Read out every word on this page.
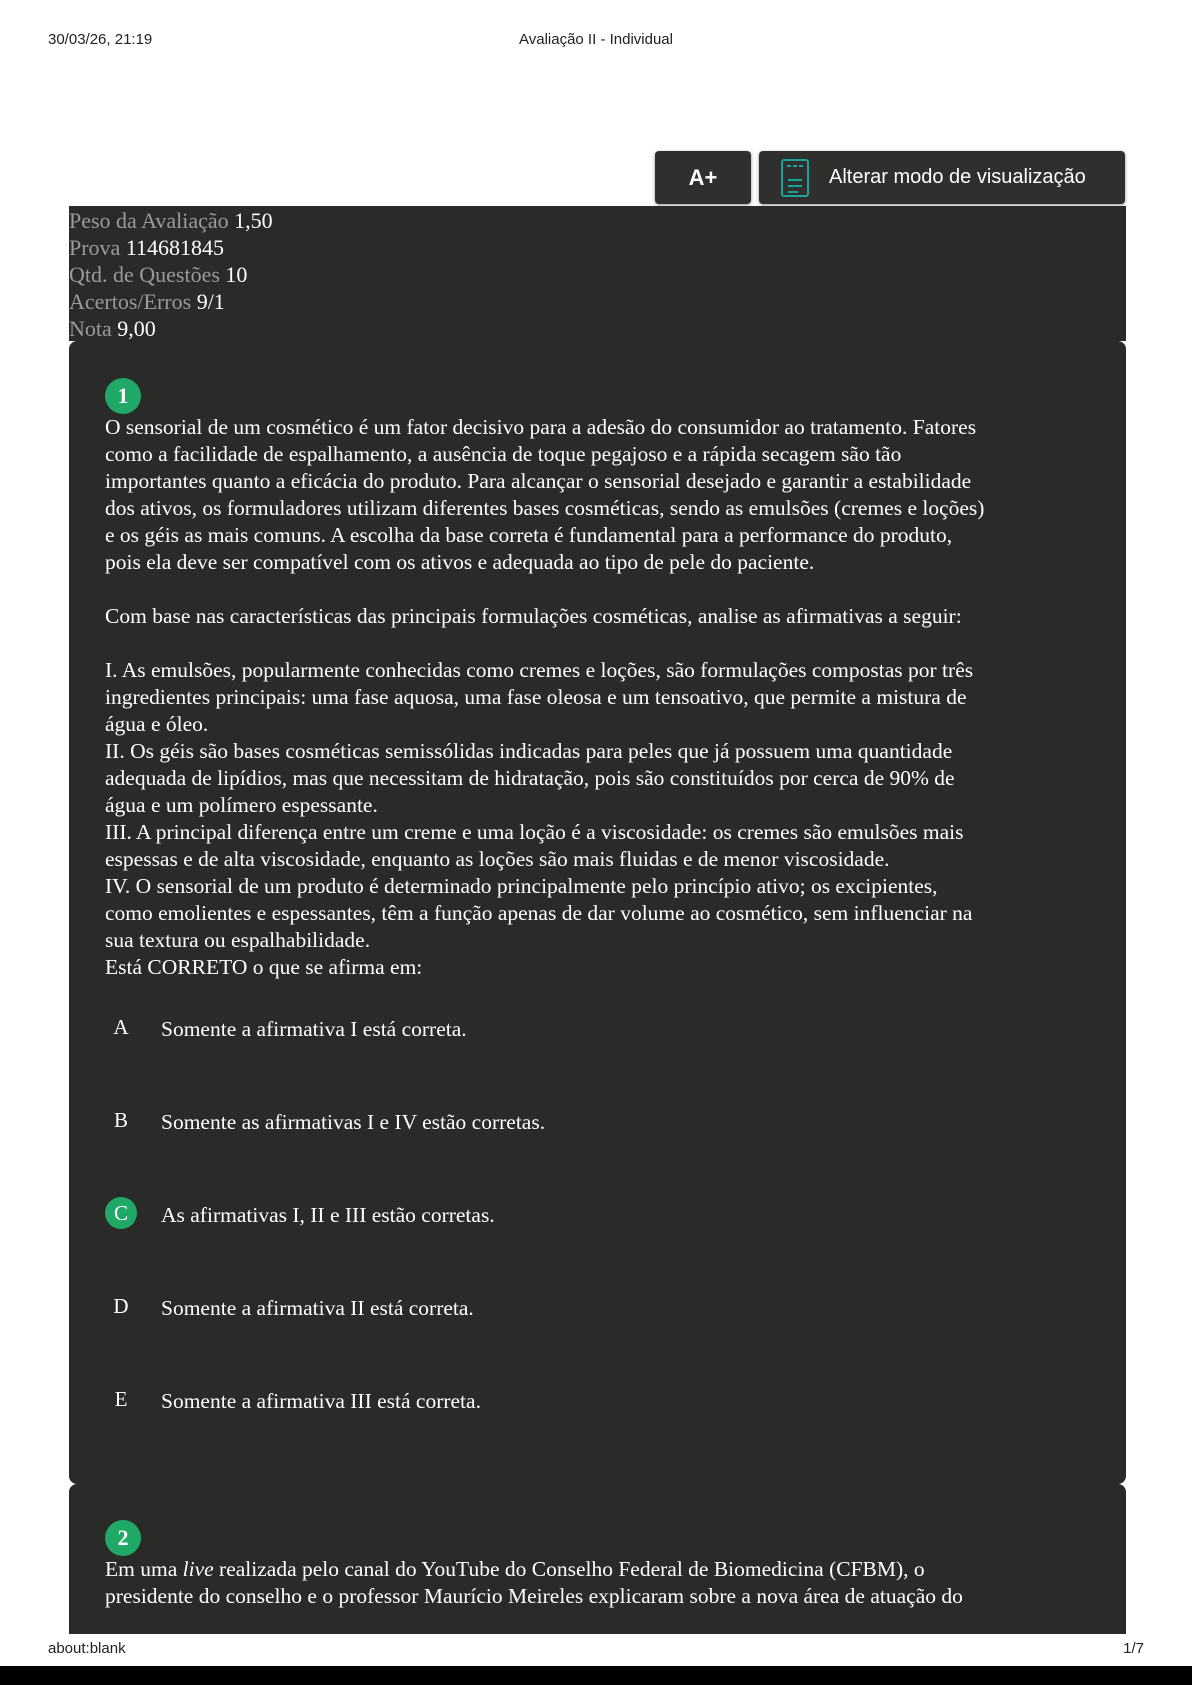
30/03/26, 21:19	Avaliação II - Individual
A+	Alterar modo de visualização
Peso da Avaliação 1,50
Prova 114681845
Qtd. de Questões 10
Acertos/Erros 9/1
Nota 9,00
1

O sensorial de um cosmético é um fator decisivo para a adesão do consumidor ao tratamento. Fatores

como a facilidade de espalhamento, a ausência de toque pegajoso e a rápida secagem são tão

importantes quanto a eficácia do produto. Para alcançar o sensorial desejado e garantir a estabilidade

dos ativos, os formuladores utilizam diferentes bases cosméticas, sendo as emulsões (cremes e loções)

e os géis as mais comuns. A escolha da base correta é fundamental para a performance do produto,

pois ela deve ser compatível com os ativos e adequada ao tipo de pele do paciente.

Com base nas características das principais formulações cosméticas, analise as afirmativas a seguir:

I. As emulsões, popularmente conhecidas como cremes e loções, são formulações compostas por três

ingredientes principais: uma fase aquosa, uma fase oleosa e um tensoativo, que permite a mistura de

água e óleo.

II. Os géis são bases cosméticas semissólidas indicadas para peles que já possuem uma quantidade

adequada de lipídios, mas que necessitam de hidratação, pois são constituídos por cerca de 90% de

água e um polímero espessante.

III. A principal diferença entre um creme e uma loção é a viscosidade: os cremes são emulsões mais

espessas e de alta viscosidade, enquanto as loções são mais fluidas e de menor viscosidade.

IV. O sensorial de um produto é determinado principalmente pelo princípio ativo; os excipientes,

como emolientes e espessantes, têm a função apenas de dar volume ao cosmético, sem influenciar na

sua textura ou espalhabilidade.

Está CORRETO o que se afirma em:

A	Somente a afirmativa I está correta.
B	Somente as afirmativas I e IV estão corretas.
C	As afirmativas I, II e III estão corretas.
D	Somente a afirmativa II está correta.
E	Somente a afirmativa III está correta.
2

Em uma live realizada pelo canal do YouTube do Conselho Federal de Biomedicina (CFBM), o

presidente do conselho e o professor Maurício Meireles explicaram sobre a nova área de atuação do

about:blank	1/7
